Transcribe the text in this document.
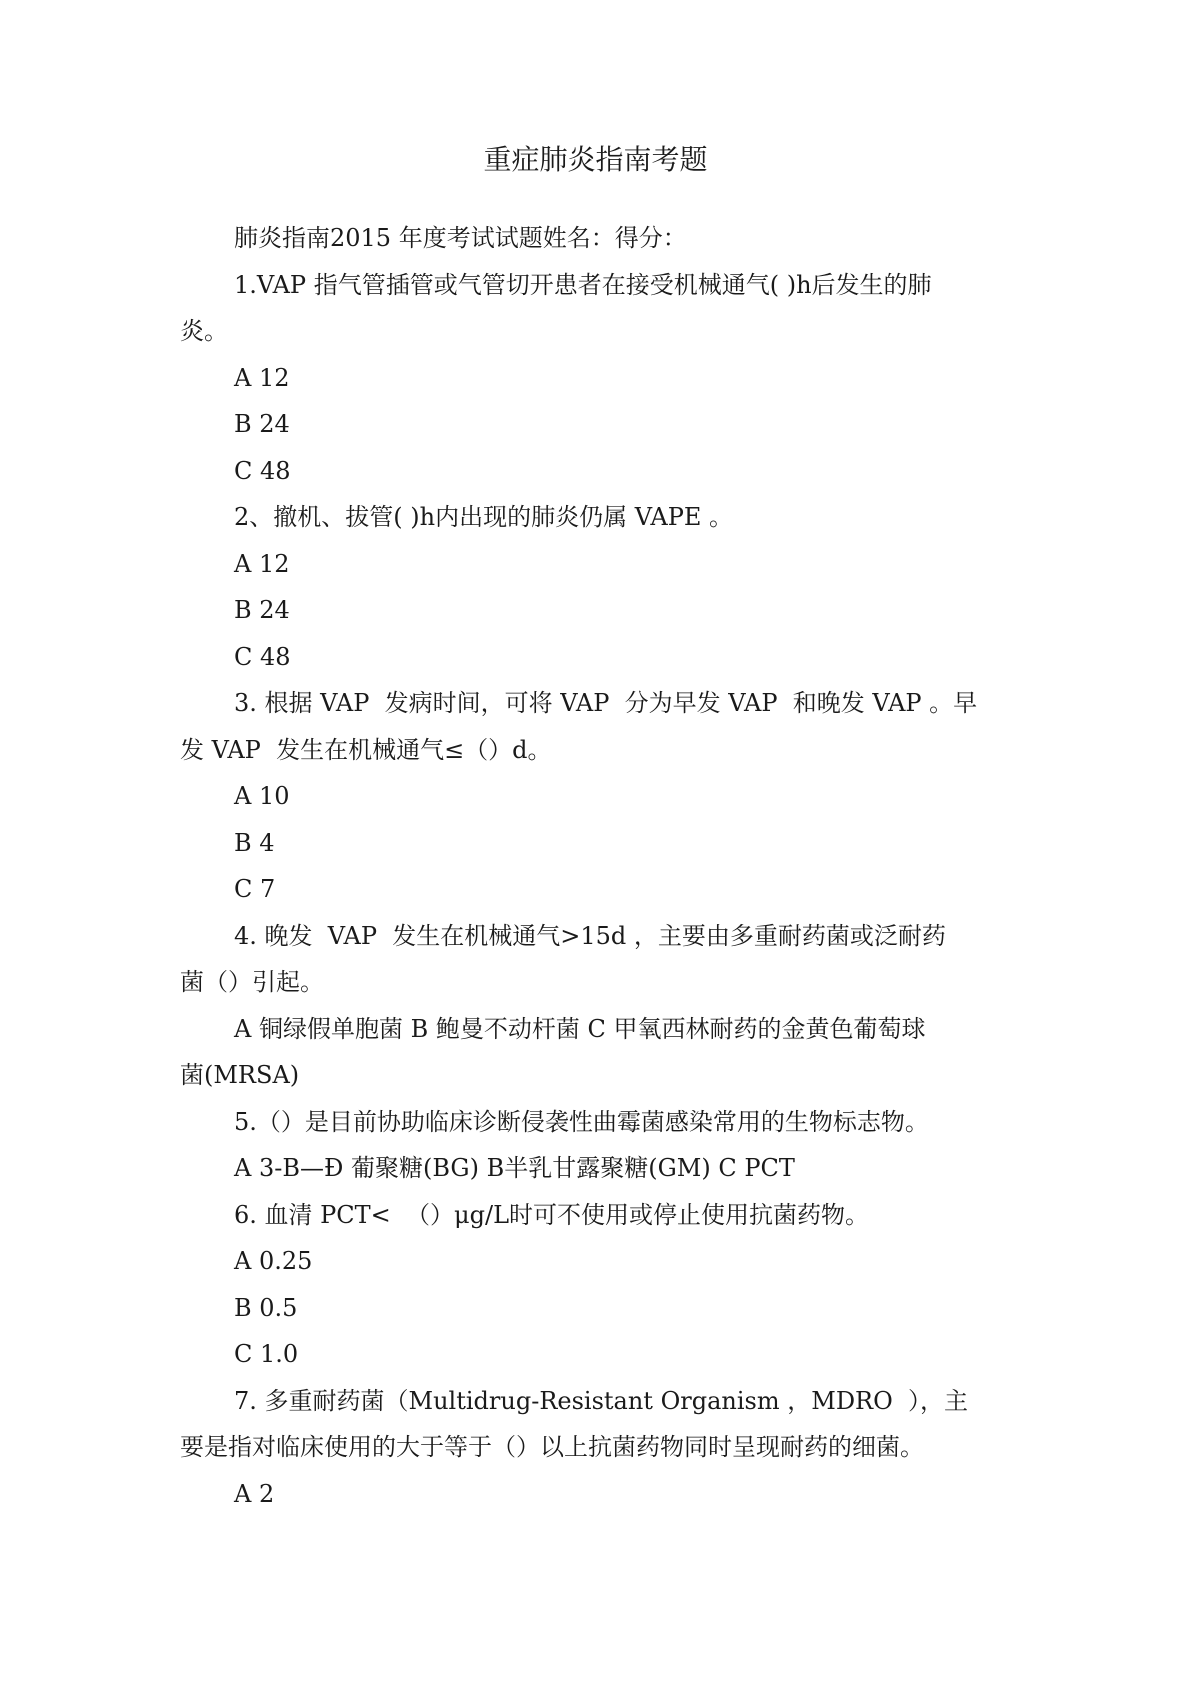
重症肺炎指南考题
肺炎指南2015 年度考试试题姓名：得分：
1.VAP 指气管插管或气管切开患者在接受机械通气( )h后发生的肺
炎。
A 12
B 24
C 48
2、撤机、拔管( )h内出现的肺炎仍属 VAPE 。
A 12
B 24
C 48
3. 根据 VAP  发病时间，可将 VAP  分为早发 VAP  和晚发 VAP 。早
发 VAP  发生在机械通气≤（）d。
A 10
B 4
C 7
4. 晚发  VAP  发生在机械通气>15d ，主要由多重耐药菌或泛耐药
菌（）引起。
A 铜绿假单胞菌 B 鲍曼不动杆菌 C 甲氧西林耐药的金黄色葡萄球
菌(MRSA)
5.（）是目前协助临床诊断侵袭性曲霉菌感染常用的生物标志物。
A 3-Β—Đ 葡聚糖(BG) B半乳甘露聚糖(GM) C PCT
6. 血清 PCT<  （）μg/L时可不使用或停止使用抗菌药物。
A 0.25
B 0.5
C 1.0
7. 多重耐药菌（Multidrug-Resistant Organism ，MDRO  ），主
要是指对临床使用的大于等于（）以上抗菌药物同时呈现耐药的细菌。
A 2
